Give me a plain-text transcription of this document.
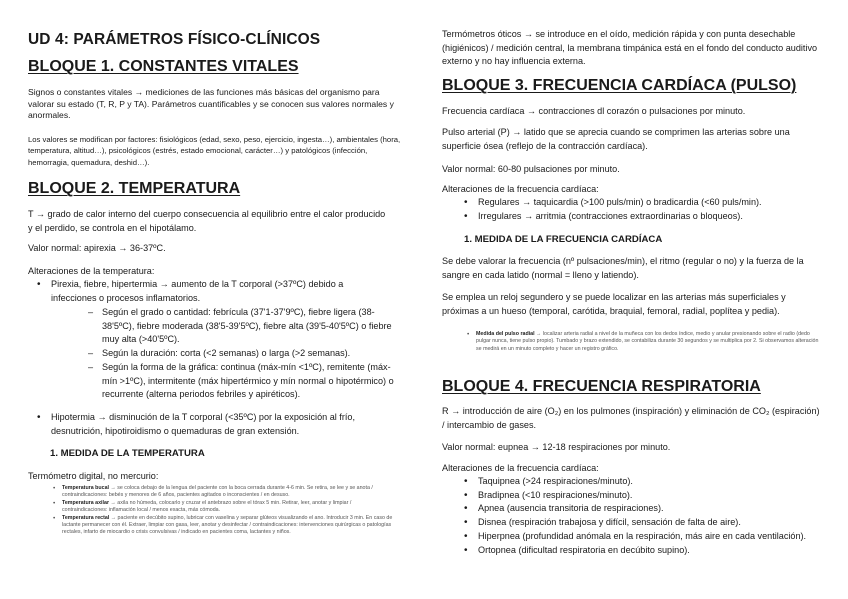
UD 4: PARÁMETROS FÍSICO-CLÍNICOS
BLOQUE 1. CONSTANTES VITALES
Signos o constantes vitales → mediciones de las funciones más básicas del organismo para valorar su estado (T, R, P y TA). Parámetros cuantificables y se conocen sus valores normales y anormales.
Los valores se modifican por factores: fisiológicos (edad, sexo, peso, ejercicio, ingesta…), ambientales (hora, temperatura, altitud…), psicológicos (estrés, estado emocional, carácter…) y patológicos (infección, hemorragia, quemadura, deshid…).
BLOQUE 2. TEMPERATURA
T → grado de calor interno del cuerpo consecuencia al equilibrio entre el calor producido y el perdido, se controla en el hipotálamo.
Valor normal: apirexia → 36-37ºC.
Alteraciones de la temperatura:
• Pirexia, fiebre, hipertermia → aumento de la T corporal (>37ºC) debido a infecciones o procesos inflamatorios.
– Según el grado o cantidad: febrícula (37'1-37'9ºC), fiebre ligera (38-38'5ºC), fiebre moderada (38'5-39'5ºC), fiebre alta (39'5-40'5ºC) o fiebre muy alta (>40'5ºC).
– Según la duración: corta (<2 semanas) o larga (>2 semanas).
– Según la forma de la gráfica: continua (máx-mín <1ºC), remitente (máx-mín >1ºC), intermitente (máx hipertérmico y mín normal o hipotérmico) o recurrente (alterna periodos febriles y apiréticos).
• Hipotermia → disminución de la T corporal (<35ºC) por la exposición al frío, desnutrición, hipotiroidismo o quemaduras de gran extensión.
1. MEDIDA DE LA TEMPERATURA
Termómetro digital, no mercurio:
• Temperatura bucal → se coloca debajo de la lengua del paciente con la boca cerrada durante 4-6 min. Se retira, se lee y se anota / contraindicaciones: bebés y menores de 6 años, pacientes agitados o inconscientes / en desuso.
• Temperatura axilar → axila no húmeda, colocarlo y cruzar el antebrazo sobre el tórax 5 min. Retirar, leer, anotar y limpiar / contraindicaciones: inflamación local / menos exacta, más cómoda.
• Temperatura rectal → paciente en decúbito supino, lubricar con vaselina y separar glúteos visualizando el ano. Introducir 3 min. En caso de lactante permanecer con él. Extraer, limpiar con gasa, leer, anotar y desinfectar / contraindicaciones: intervenciones quirúrgicas o patologías rectales, infarto de miocardio o crisis convulsivas / indicado en pacientes coma, lactantes y niños.
Termómetros óticos → se introduce en el oído, medición rápida y con punta desechable (higiénicos) / medición central, la membrana timpánica está en el fondo del conducto auditivo externo y no hay influencia externa.
BLOQUE 3. FRECUENCIA CARDÍACA (PULSO)
Frecuencia cardíaca → contracciones dl corazón o pulsaciones por minuto.
Pulso arterial (P) → latido que se aprecia cuando se comprimen las arterias sobre una superficie ósea (reflejo de la contracción cardíaca).
Valor normal: 60-80 pulsaciones por minuto.
Alteraciones de la frecuencia cardíaca:
• Regulares → taquicardia (>100 puls/min) o bradicardia (<60 puls/min).
• Irregulares → arritmia (contracciones extraordinarias o bloqueos).
1. MEDIDA DE LA FRECUENCIA CARDÍACA
Se debe valorar la frecuencia (nº pulsaciones/min), el ritmo (regular o no) y la fuerza de la sangre en cada latido (normal = lleno y latiendo).
Se emplea un reloj segundero y se puede localizar en las arterias más superficiales y próximas a un hueso (temporal, carótida, braquial, femoral, radial, poplítea y pedia).
• Medida del pulso radial → localizar arteria radial a nivel de la muñeca con los dedos índice, medio y anular presionando sobre el radio (dedo pulgar nunca, tiene pulso propio). Tumbado y brazo extendido, se contabiliza durante 30 segundos y se multiplica por 2. Si observamos alteración se medirá en un minuto completo y hacer un registro gráfico.
BLOQUE 4. FRECUENCIA RESPIRATORIA
R → introducción de aire (O₂) en los pulmones (inspiración) y eliminación de CO₂ (espiración) / intercambio de gases.
Valor normal: eupnea → 12-18 respiraciones por minuto.
Alteraciones de la frecuencia cardíaca:
• Taquipnea (>24 respiraciones/minuto).
• Bradipnea (<10 respiraciones/minuto).
• Apnea (ausencia transitoria de respiraciones).
• Disnea (respiración trabajosa y difícil, sensación de falta de aire).
• Hiperpnea (profundidad anómala en la respiración, más aire en cada ventilación).
• Ortopnea (dificultad respiratoria en decúbito supino).
